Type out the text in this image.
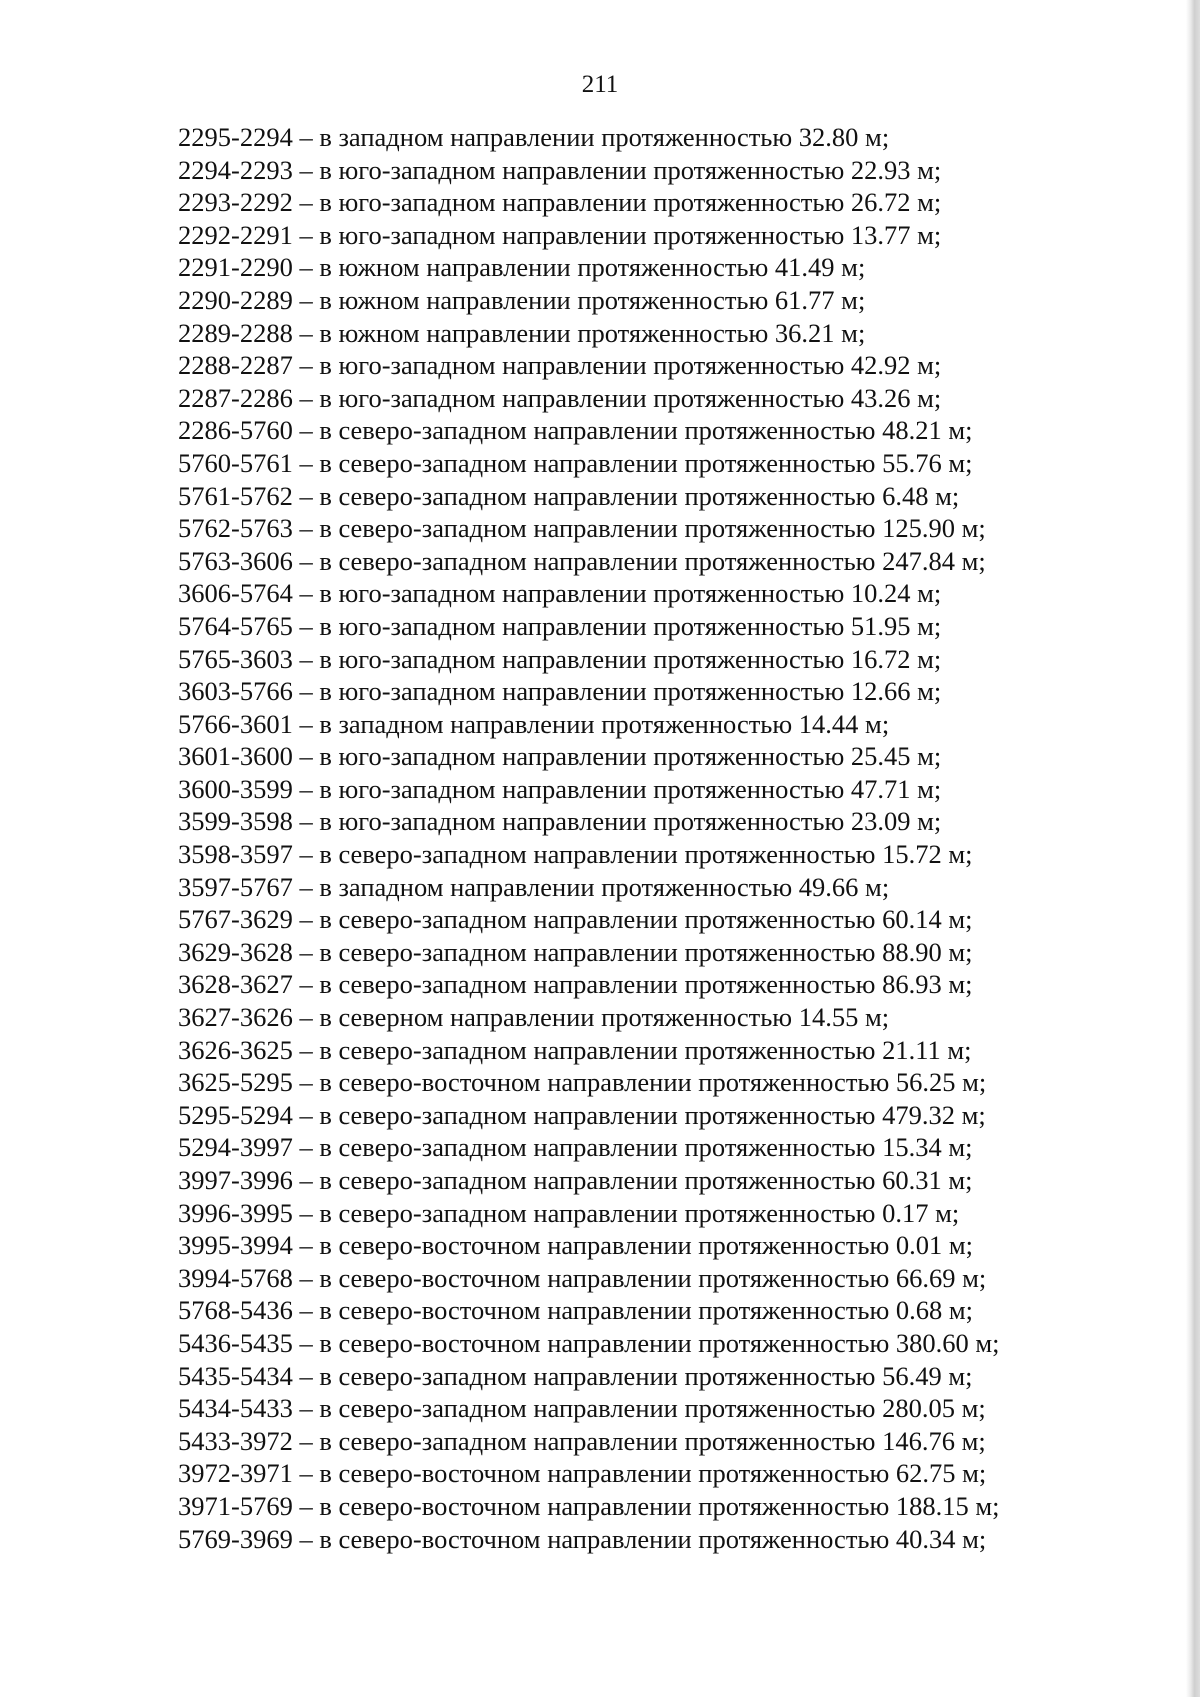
211
2295-2294 – в западном направлении протяженностью 32.80 м;
2294-2293 – в юго-западном направлении протяженностью 22.93 м;
2293-2292 – в юго-западном направлении протяженностью 26.72 м;
2292-2291 – в юго-западном направлении протяженностью 13.77 м;
2291-2290 – в южном направлении протяженностью 41.49 м;
2290-2289 – в южном направлении протяженностью 61.77 м;
2289-2288 – в южном направлении протяженностью 36.21 м;
2288-2287 – в юго-западном направлении протяженностью 42.92 м;
2287-2286 – в юго-западном направлении протяженностью 43.26 м;
2286-5760 – в северо-западном направлении протяженностью 48.21 м;
5760-5761 – в северо-западном направлении протяженностью 55.76 м;
5761-5762 – в северо-западном направлении протяженностью 6.48 м;
5762-5763 – в северо-западном направлении протяженностью 125.90 м;
5763-3606 – в северо-западном направлении протяженностью 247.84 м;
3606-5764 – в юго-западном направлении протяженностью 10.24 м;
5764-5765 – в юго-западном направлении протяженностью 51.95 м;
5765-3603 – в юго-западном направлении протяженностью 16.72 м;
3603-5766 – в юго-западном направлении протяженностью 12.66 м;
5766-3601 – в западном направлении протяженностью 14.44 м;
3601-3600 – в юго-западном направлении протяженностью 25.45 м;
3600-3599 – в юго-западном направлении протяженностью 47.71 м;
3599-3598 – в юго-западном направлении протяженностью 23.09 м;
3598-3597 – в северо-западном направлении протяженностью 15.72 м;
3597-5767 – в западном направлении протяженностью 49.66 м;
5767-3629 – в северо-западном направлении протяженностью 60.14 м;
3629-3628 – в северо-западном направлении протяженностью 88.90 м;
3628-3627 – в северо-западном направлении протяженностью 86.93 м;
3627-3626 – в северном направлении протяженностью 14.55 м;
3626-3625 – в северо-западном направлении протяженностью 21.11 м;
3625-5295 – в северо-восточном направлении протяженностью 56.25 м;
5295-5294 – в северо-западном направлении протяженностью 479.32 м;
5294-3997 – в северо-западном направлении протяженностью 15.34 м;
3997-3996 – в северо-западном направлении протяженностью 60.31 м;
3996-3995 – в северо-западном направлении протяженностью 0.17 м;
3995-3994 – в северо-восточном направлении протяженностью 0.01 м;
3994-5768 – в северо-восточном направлении протяженностью 66.69 м;
5768-5436 – в северо-восточном направлении протяженностью 0.68 м;
5436-5435 – в северо-восточном направлении протяженностью 380.60 м;
5435-5434 – в северо-западном направлении протяженностью 56.49 м;
5434-5433 – в северо-западном направлении протяженностью 280.05 м;
5433-3972 – в северо-западном направлении протяженностью 146.76 м;
3972-3971 – в северо-восточном направлении протяженностью 62.75 м;
3971-5769 – в северо-восточном направлении протяженностью 188.15 м;
5769-3969 – в северо-восточном направлении протяженностью 40.34 м;
